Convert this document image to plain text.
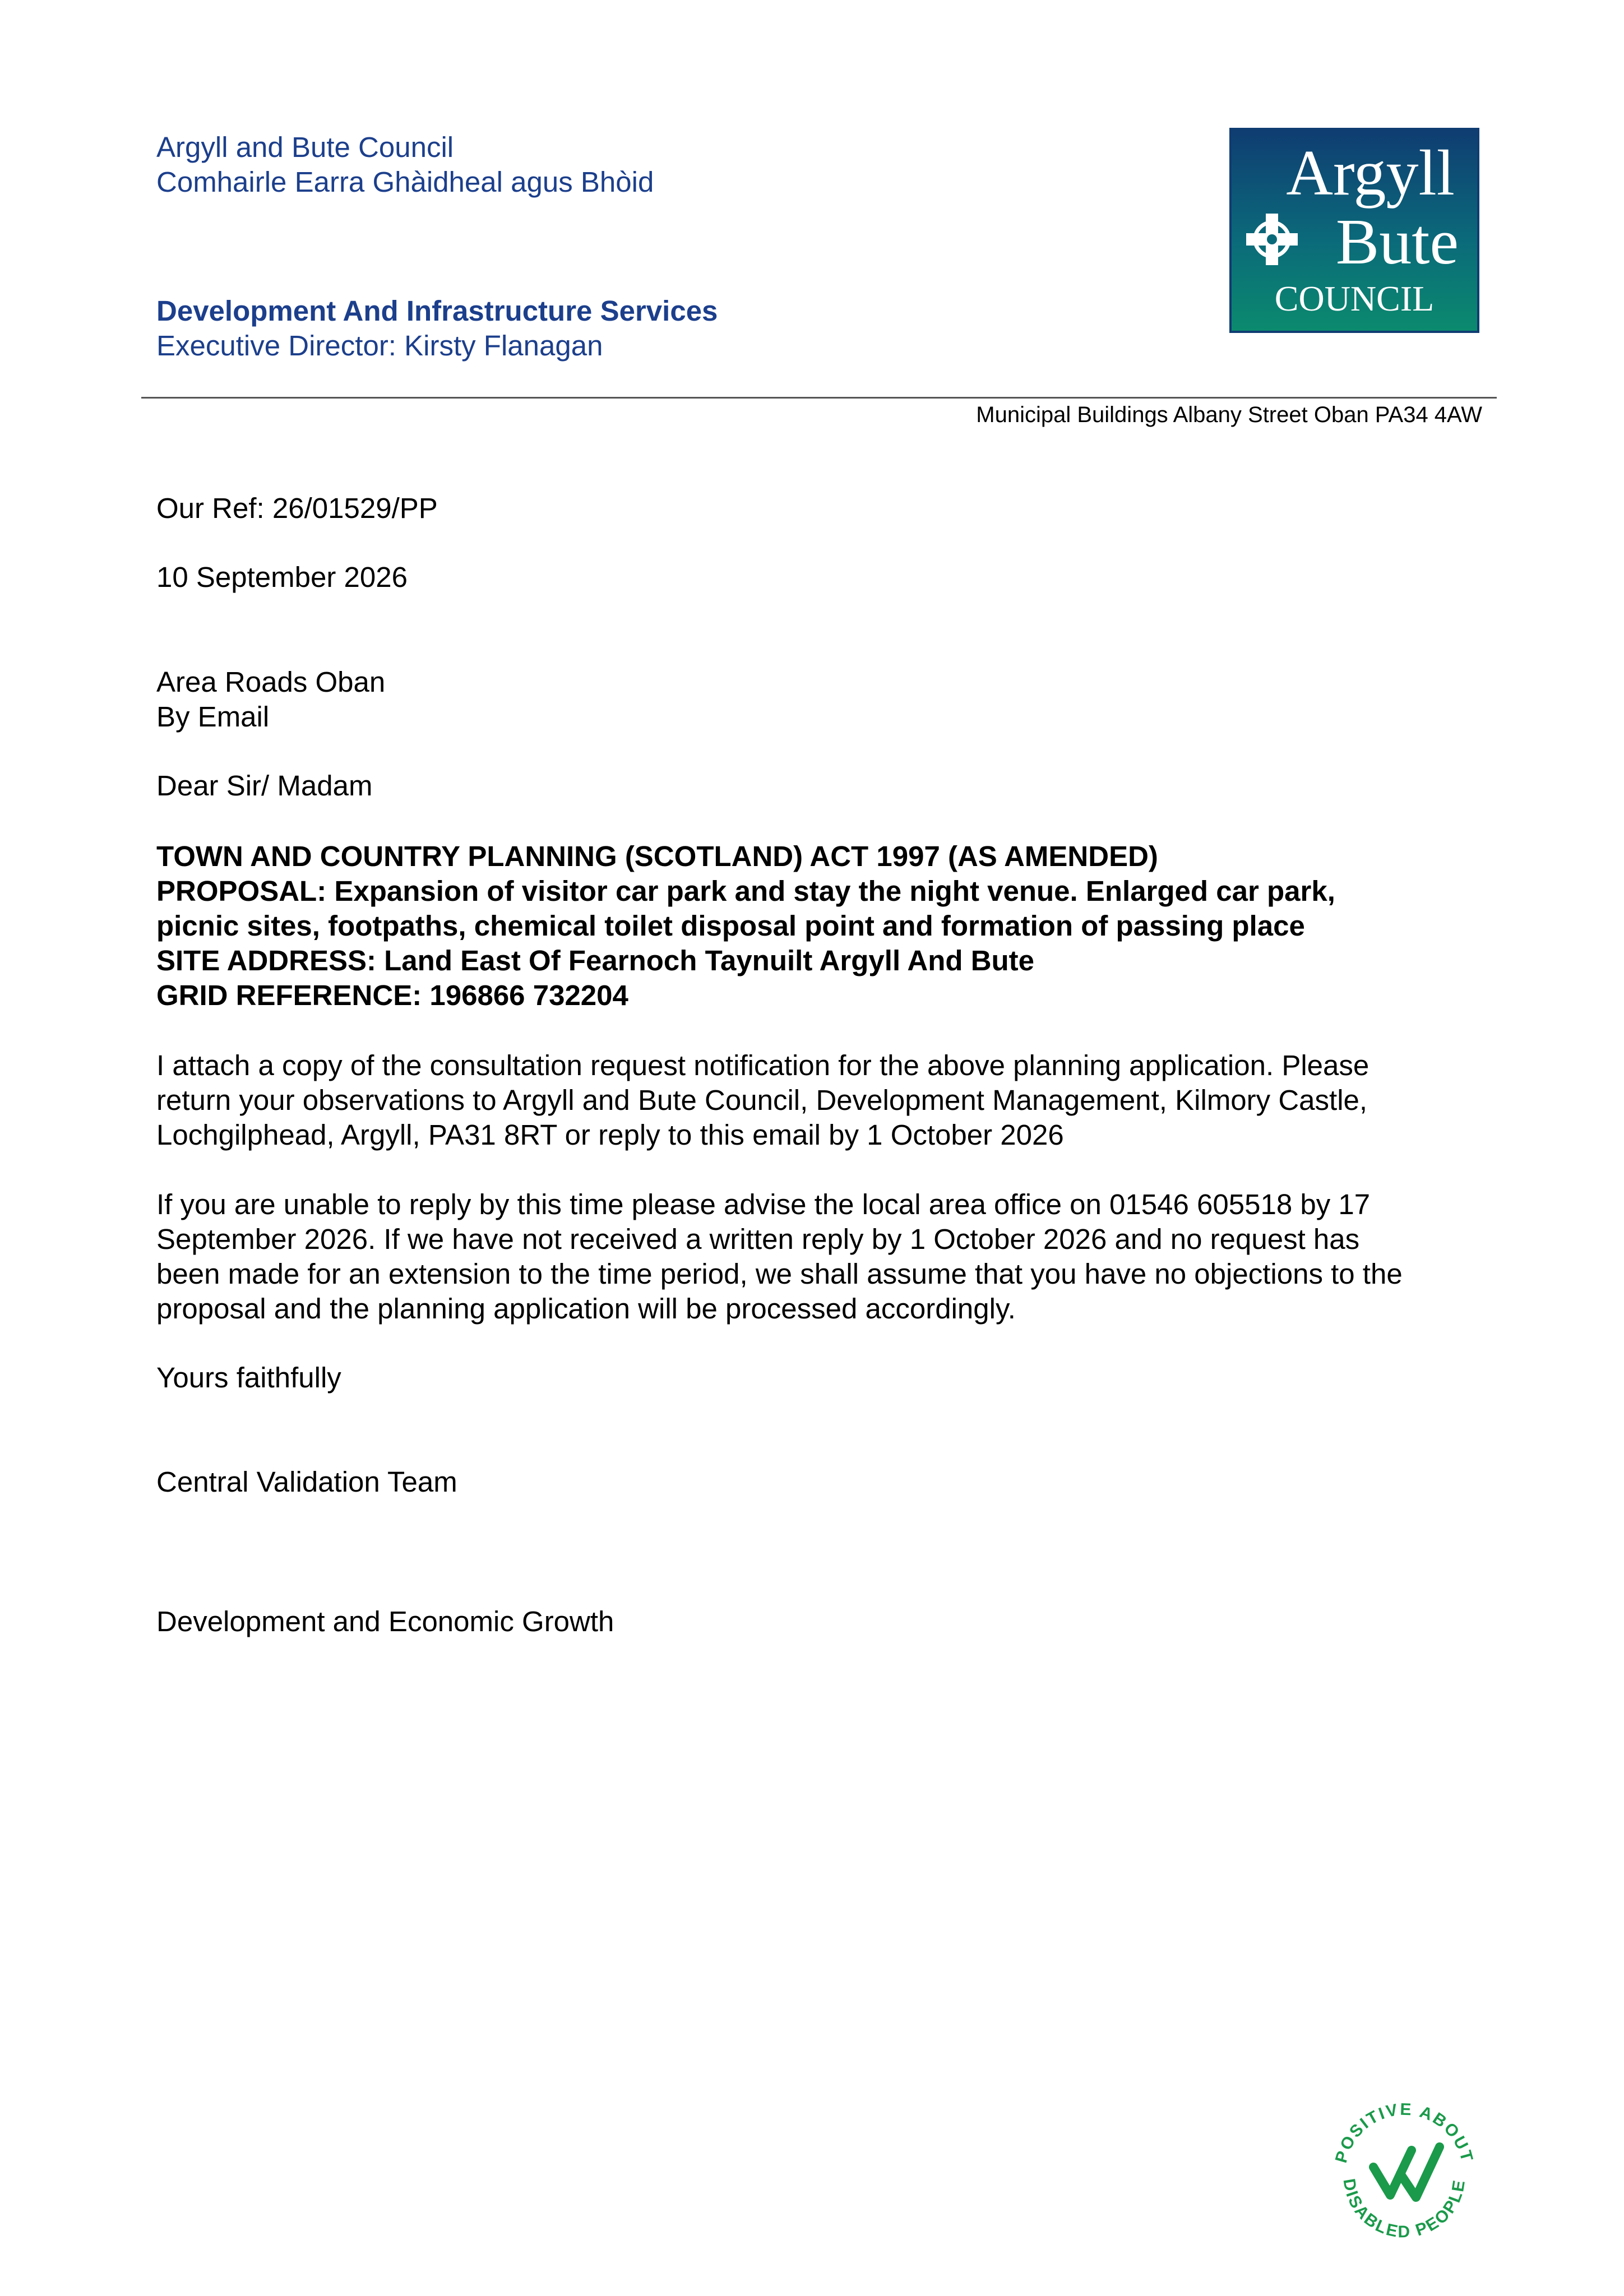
Argyll and Bute Council
Comhairle Earra Ghàidheal agus Bhòid
Development And Infrastructure Services
Executive Director: Kirsty Flanagan
Argyll
Bute
COUNCIL
Municipal Buildings Albany Street Oban PA34 4AW
Our Ref: 26/01529/PP
10 September 2026
Area Roads Oban
By Email
Dear Sir/ Madam

TOWN AND COUNTRY PLANNING (SCOTLAND) ACT 1997 (AS AMENDED)

PROPOSAL: Expansion of visitor car park and stay the night venue. Enlarged car park,

picnic sites, footpaths, chemical toilet disposal point and formation of passing place

SITE ADDRESS: Land East Of Fearnoch Taynuilt Argyll And Bute

GRID REFERENCE: 196866 732204

I attach a copy of the consultation request notification for the above planning application. Please

return your observations to Argyll and Bute Council, Development Management, Kilmory Castle,

Lochgilphead, Argyll, PA31 8RT or reply to this email by 1 October 2026

If you are unable to reply by this time please advise the local area office on 01546 605518 by 17

September 2026. If we have not received a written reply by 1 October 2026 and no request has

been made for an extension to the time period, we shall assume that you have no objections to the

proposal and the planning application will be processed accordingly.

Yours faithfully
Central Validation Team
Development and Economic Growth
POSITIVE ABOUT
DISABLED PEOPLE
